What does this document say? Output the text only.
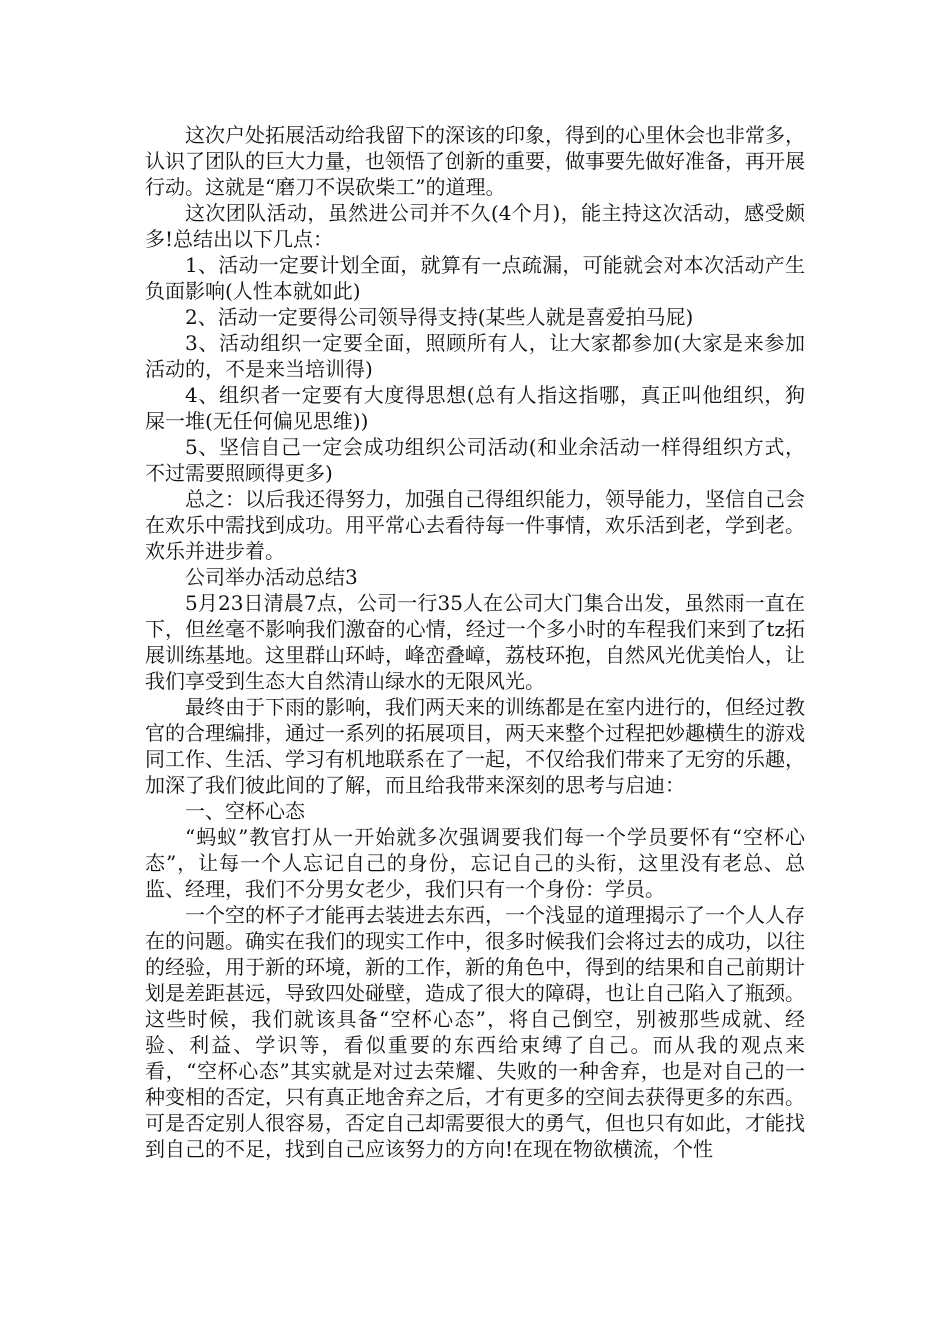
这次户处拓展活动给我留下的深该的印象，得到的心里休会也非常多，认识了团队的巨大力量，也领悟了创新的重要，做事要先做好准备，再开展行动。这就是“磨刀不误砍柴工”的道理。

这次团队活动，虽然进公司并不久(4个月)，能主持这次活动，感受颇多!总结出以下几点：

1、活动一定要计划全面，就算有一点疏漏，可能就会对本次活动产生负面影响(人性本就如此)

2、活动一定要得公司领导得支持(某些人就是喜爱拍马屁)

3、活动组织一定要全面，照顾所有人，让大家都参加(大家是来参加活动的，不是来当培训得)

4、组织者一定要有大度得思想(总有人指这指哪，真正叫他组织，狗屎一堆(无任何偏见思维))

5、坚信自己一定会成功组织公司活动(和业余活动一样得组织方式，不过需要照顾得更多)

总之：以后我还得努力，加强自己得组织能力，领导能力，坚信自己会在欢乐中需找到成功。用平常心去看待每一件事情，欢乐活到老，学到老。欢乐并进步着。

公司举办活动总结3

5月23日清晨7点，公司一行35人在公司大门集合出发，虽然雨一直在下，但丝毫不影响我们激奋的心情，经过一个多小时的车程我们来到了tz拓展训练基地。这里群山环峙，峰峦叠嶂，荔枝环抱，自然风光优美怡人，让我们享受到生态大自然清山绿水的无限风光。

最终由于下雨的影响，我们两天来的训练都是在室内进行的，但经过教官的合理编排，通过一系列的拓展项目，两天来整个过程把妙趣横生的游戏同工作、生活、学习有机地联系在了一起，不仅给我们带来了无穷的乐趣，加深了我们彼此间的了解，而且给我带来深刻的思考与启迪：

一、空杯心态

“蚂蚁”教官打从一开始就多次强调要我们每一个学员要怀有“空杯心态”，让每一个人忘记自己的身份，忘记自己的头衔，这里没有老总、总监、经理，我们不分男女老少，我们只有一个身份：学员。

一个空的杯子才能再去装进去东西，一个浅显的道理揭示了一个人人存在的问题。确实在我们的现实工作中，很多时候我们会将过去的成功，以往的经验，用于新的环境，新的工作，新的角色中，得到的结果和自己前期计划是差距甚远，导致四处碰壁，造成了很大的障碍，也让自己陷入了瓶颈。这些时候，我们就该具备“空杯心态”，将自己倒空，别被那些成就、经验、利益、学识等，看似重要的东西给束缚了自己。而从我的观点来看，“空杯心态”其实就是对过去荣耀、失败的一种舍弃，也是对自己的一种变相的否定，只有真正地舍弃之后，才有更多的空间去获得更多的东西。可是否定别人很容易，否定自己却需要很大的勇气，但也只有如此，才能找到自己的不足，找到自己应该努力的方向!在现在物欲横流，个性
